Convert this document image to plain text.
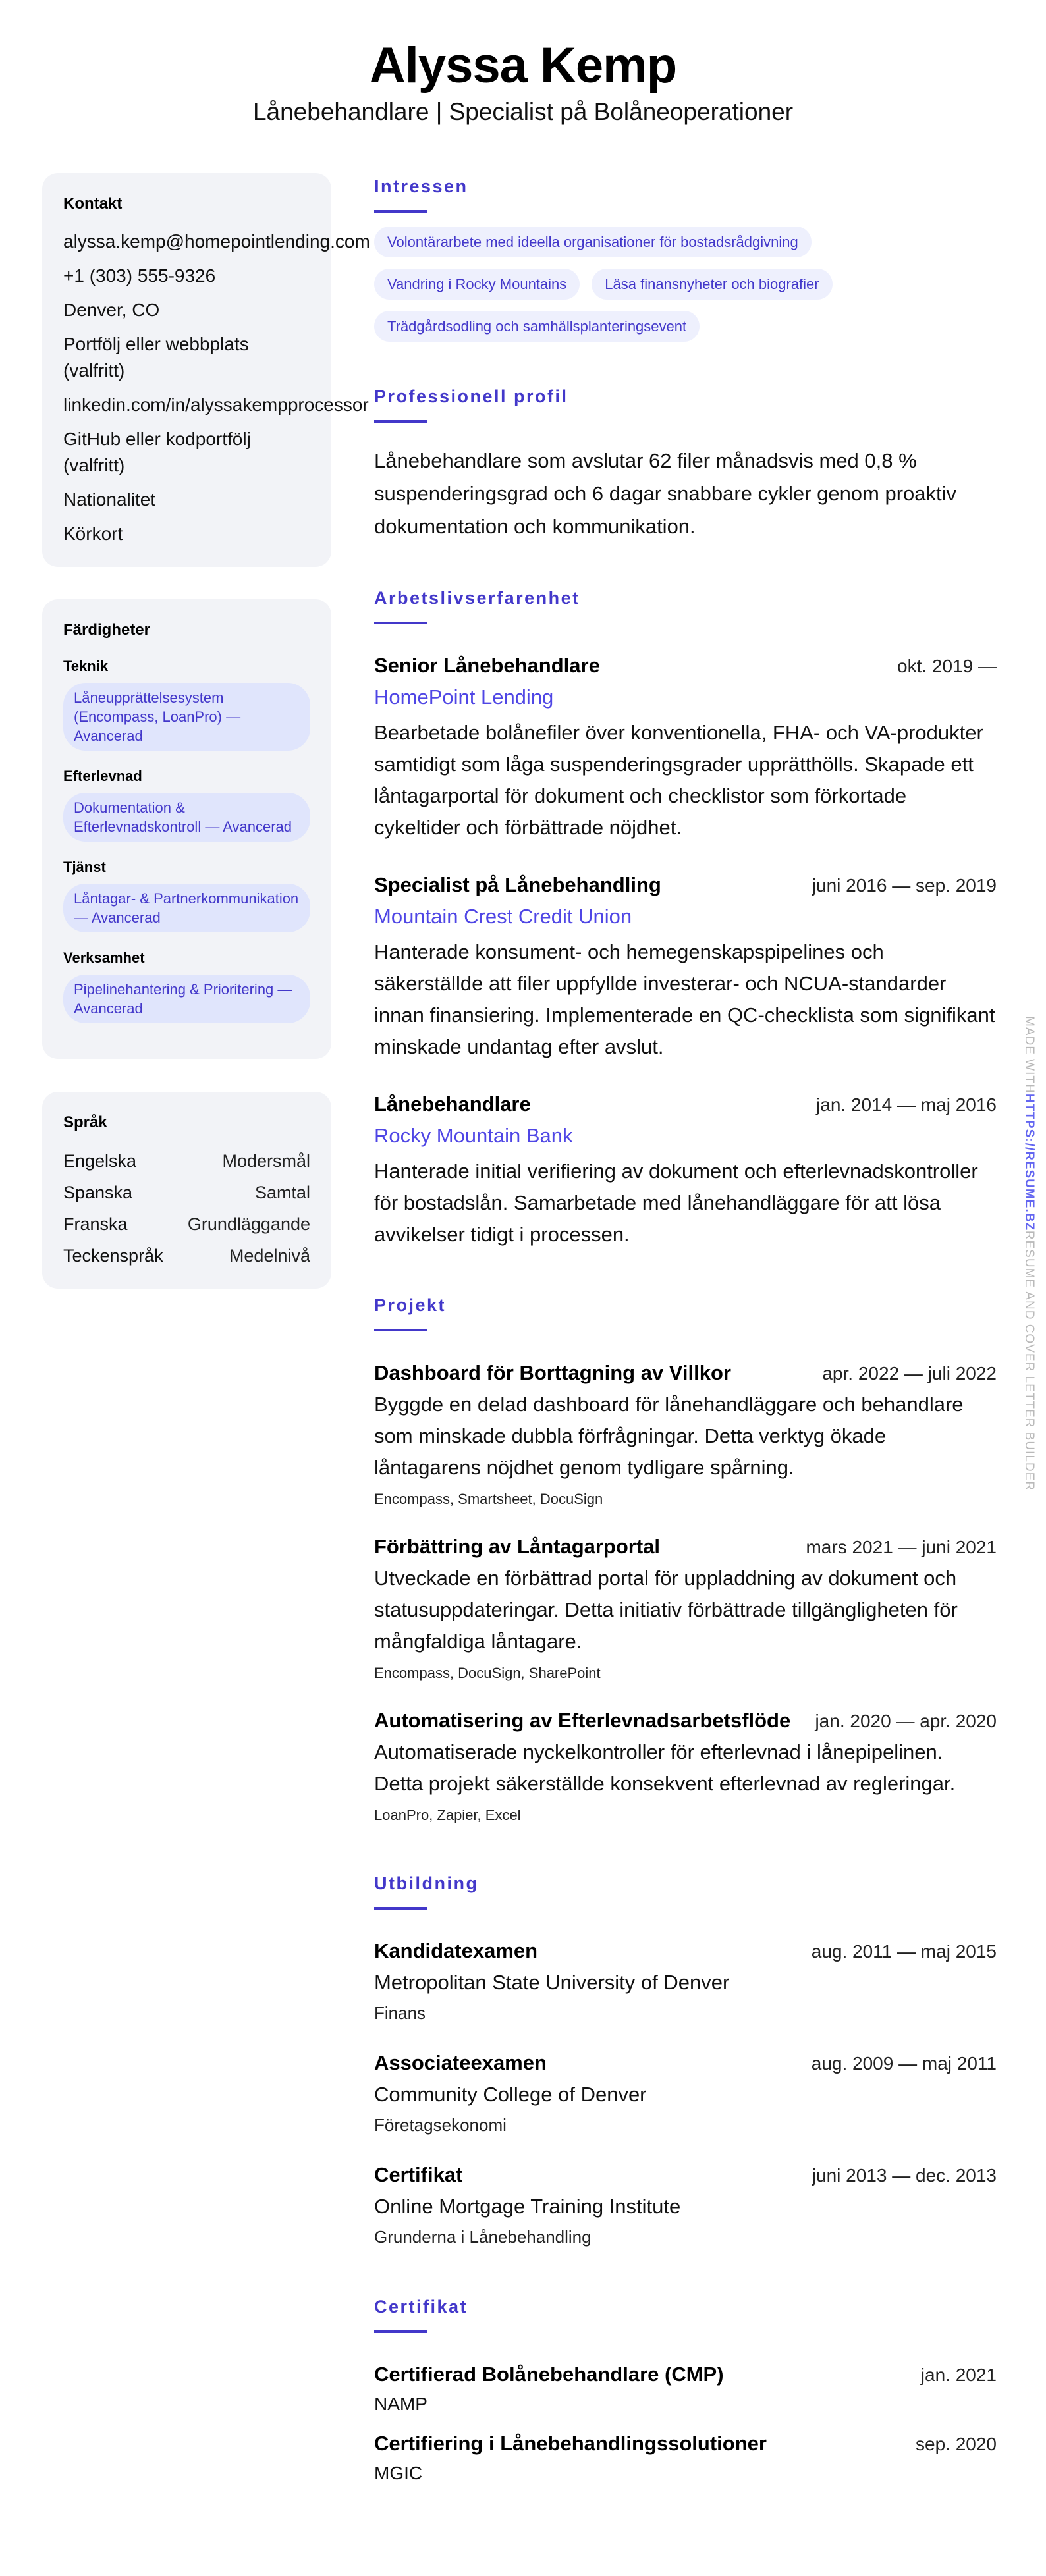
Alyssa Kemp
Lånebehandlare | Specialist på Bolåneoperationer
Kontakt
alyssa.kemp@homepointlending.com
+1 (303) 555-9326
Denver, CO
Portfölj eller webbplats (valfritt)
linkedin.com/in/alyssakempprocessor
GitHub eller kodportfölj (valfritt)
Nationalitet
Körkort
Färdigheter
Teknik
Låneupprättelsesystem (Encompass, LoanPro) — Avancerad
Efterlevnad
Dokumentation & Efterlevnadskontroll — Avancerad
Tjänst
Låntagar- & Partnerkommunikation — Avancerad
Verksamhet
Pipelinehantering & Prioritering — Avancerad
Språk
Engelska	Modersmål
Spanska	Samtal
Franska	Grundläggande
Teckenspråk	Medelnivå
Intressen
Volontärarbete med ideella organisationer för bostadsrådgivning
Vandring i Rocky Mountains	Läsa finansnyheter och biografier
Trädgårdsodling och samhällsplanteringsevent
Professionell profil
Lånebehandlare som avslutar 62 filer månadsvis med 0,8 % suspenderingsgrad och 6 dagar snabbare cykler genom proaktiv dokumentation och kommunikation.
Arbetslivserfarenhet
Senior Lånebehandlare	okt. 2019 —
HomePoint Lending
Bearbetade bolånefiler över konventionella, FHA- och VA-produkter samtidigt som låga suspenderingsgrader upprätthölls. Skapade ett låntagarportal för dokument och checklistor som förkortade cykeltider och förbättrade nöjdhet.
Specialist på Lånebehandling	juni 2016 — sep. 2019
Mountain Crest Credit Union
Hanterade konsument- och hemegenskapspipelines och säkerställde att filer uppfyllde investerar- och NCUA-standarder innan finansiering. Implementerade en QC-checklista som signifikant minskade undantag efter avslut.
Lånebehandlare	jan. 2014 — maj 2016
Rocky Mountain Bank
Hanterade initial verifiering av dokument och efterlevnadskontroller för bostadslån. Samarbetade med lånehandläggare för att lösa avvikelser tidigt i processen.
Projekt
Dashboard för Borttagning av Villkor	apr. 2022 — juli 2022
Byggde en delad dashboard för lånehandläggare och behandlare som minskade dubbla förfrågningar. Detta verktyg ökade låntagarens nöjdhet genom tydligare spårning.
Encompass, Smartsheet, DocuSign
Förbättring av Låntagarportal	mars 2021 — juni 2021
Utveckade en förbättrad portal för uppladdning av dokument och statusuppdateringar. Detta initiativ förbättrade tillgängligheten för mångfaldiga låntagare.
Encompass, DocuSign, SharePoint
Automatisering av Efterlevnadsarbetsflöde jan. 2020 — apr. 2020
Automatiserade nyckelkontroller för efterlevnad i lånepipelinen. Detta projekt säkerställde konsekvent efterlevnad av regleringar.
LoanPro, Zapier, Excel
Utbildning
Kandidatexamen	aug. 2011 — maj 2015
Metropolitan State University of Denver
Finans
Associateexamen	aug. 2009 — maj 2011
Community College of Denver
Företagsekonomi
Certifikat	juni 2013 — dec. 2013
Online Mortgage Training Institute
Grunderna i Lånebehandling
Certifikat
Certifierad Bolånebehandlare (CMP)	jan. 2021
NAMP
Certifiering i Lånebehandlingssolutioner	sep. 2020
MGIC
MADE WITHHTTPS://RESUME.BZRESUME AND COVER LETTER BUILDER
